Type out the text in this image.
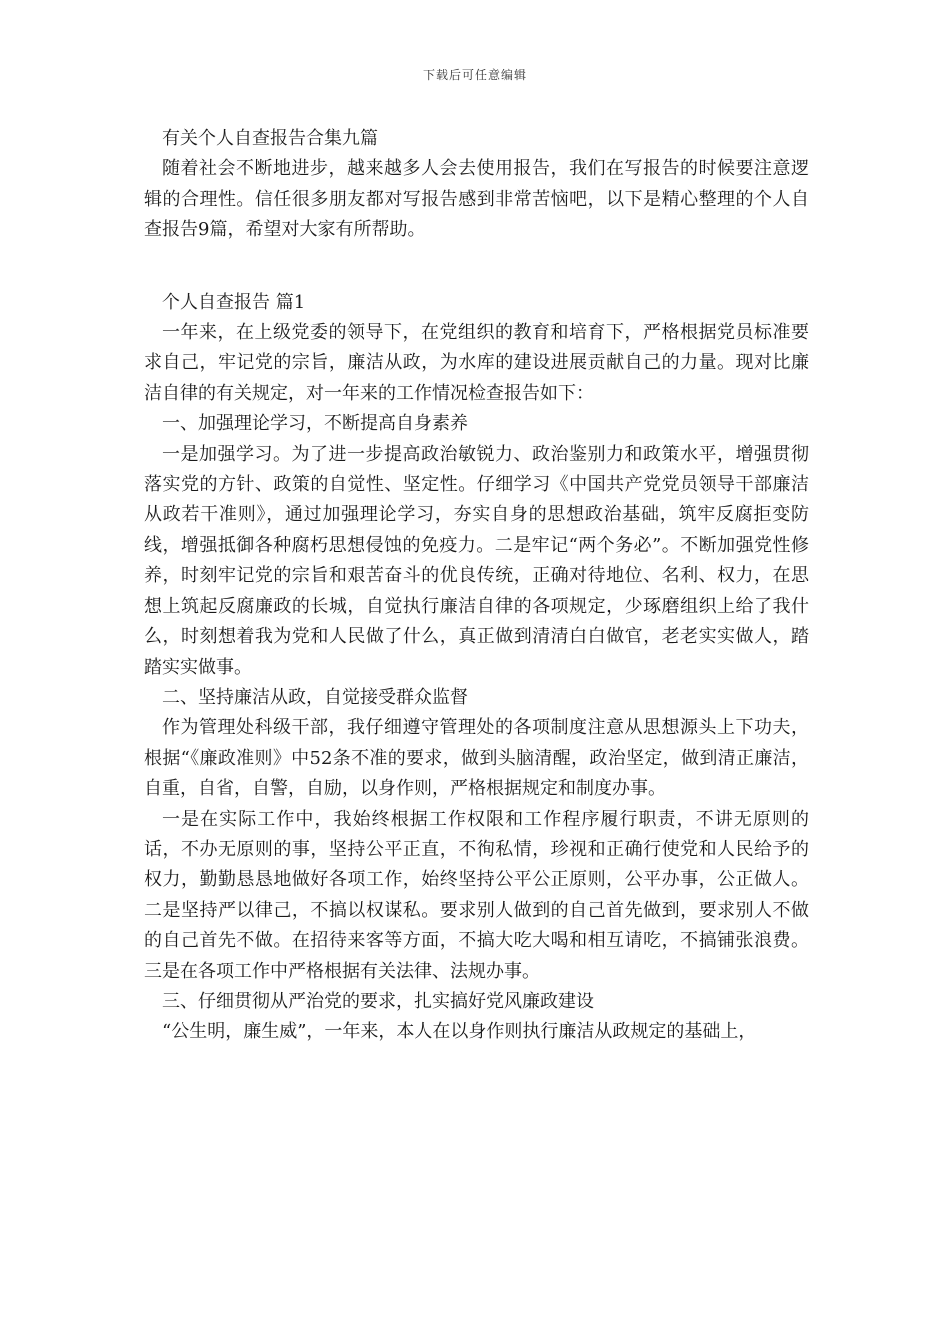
下载后可任意编辑

有关个人自查报告合集九篇

随着社会不断地进步，越来越多人会去使用报告，我们在写报告的时候要注意逻辑的合理性。信任很多朋友都对写报告感到非常苦恼吧，以下是精心整理的个人自查报告9篇，希望对大家有所帮助。

个人自查报告 篇1

一年来，在上级党委的领导下，在党组织的教育和培育下，严格根据党员标准要求自己，牢记党的宗旨，廉洁从政，为水库的建设进展贡献自己的力量。现对比廉洁自律的有关规定，对一年来的工作情况检查报告如下：

一、加强理论学习，不断提高自身素养

一是加强学习。为了进一步提高政治敏锐力、政治鉴别力和政策水平，增强贯彻落实党的方针、政策的自觉性、坚定性。仔细学习《中国共产党党员领导干部廉洁从政若干准则》，通过加强理论学习，夯实自身的思想政治基础，筑牢反腐拒变防线，增强抵御各种腐朽思想侵蚀的免疫力。二是牢记“两个务必”。不断加强党性修养，时刻牢记党的宗旨和艰苦奋斗的优良传统，正确对待地位、名利、权力，在思想上筑起反腐廉政的长城，自觉执行廉洁自律的各项规定，少琢磨组织上给了我什么，时刻想着我为党和人民做了什么，真正做到清清白白做官，老老实实做人，踏踏实实做事。

二、坚持廉洁从政，自觉接受群众监督

作为管理处科级干部，我仔细遵守管理处的各项制度注意从思想源头上下功夫，根据“《廉政准则》中52条不准的要求，做到头脑清醒，政治坚定，做到清正廉洁，自重，自省，自警，自励，以身作则，严格根据规定和制度办事。

一是在实际工作中，我始终根据工作权限和工作程序履行职责，不讲无原则的话，不办无原则的事，坚持公平正直，不徇私情，珍视和正确行使党和人民给予的权力，勤勤恳恳地做好各项工作，始终坚持公平公正原则，公平办事，公正做人。二是坚持严以律己，不搞以权谋私。要求别人做到的自己首先做到，要求别人不做的自己首先不做。在招待来客等方面，不搞大吃大喝和相互请吃，不搞铺张浪费。三是在各项工作中严格根据有关法律、法规办事。

三、仔细贯彻从严治党的要求，扎实搞好党风廉政建设

“公生明，廉生威”，一年来，本人在以身作则执行廉洁从政规定的基础上，
